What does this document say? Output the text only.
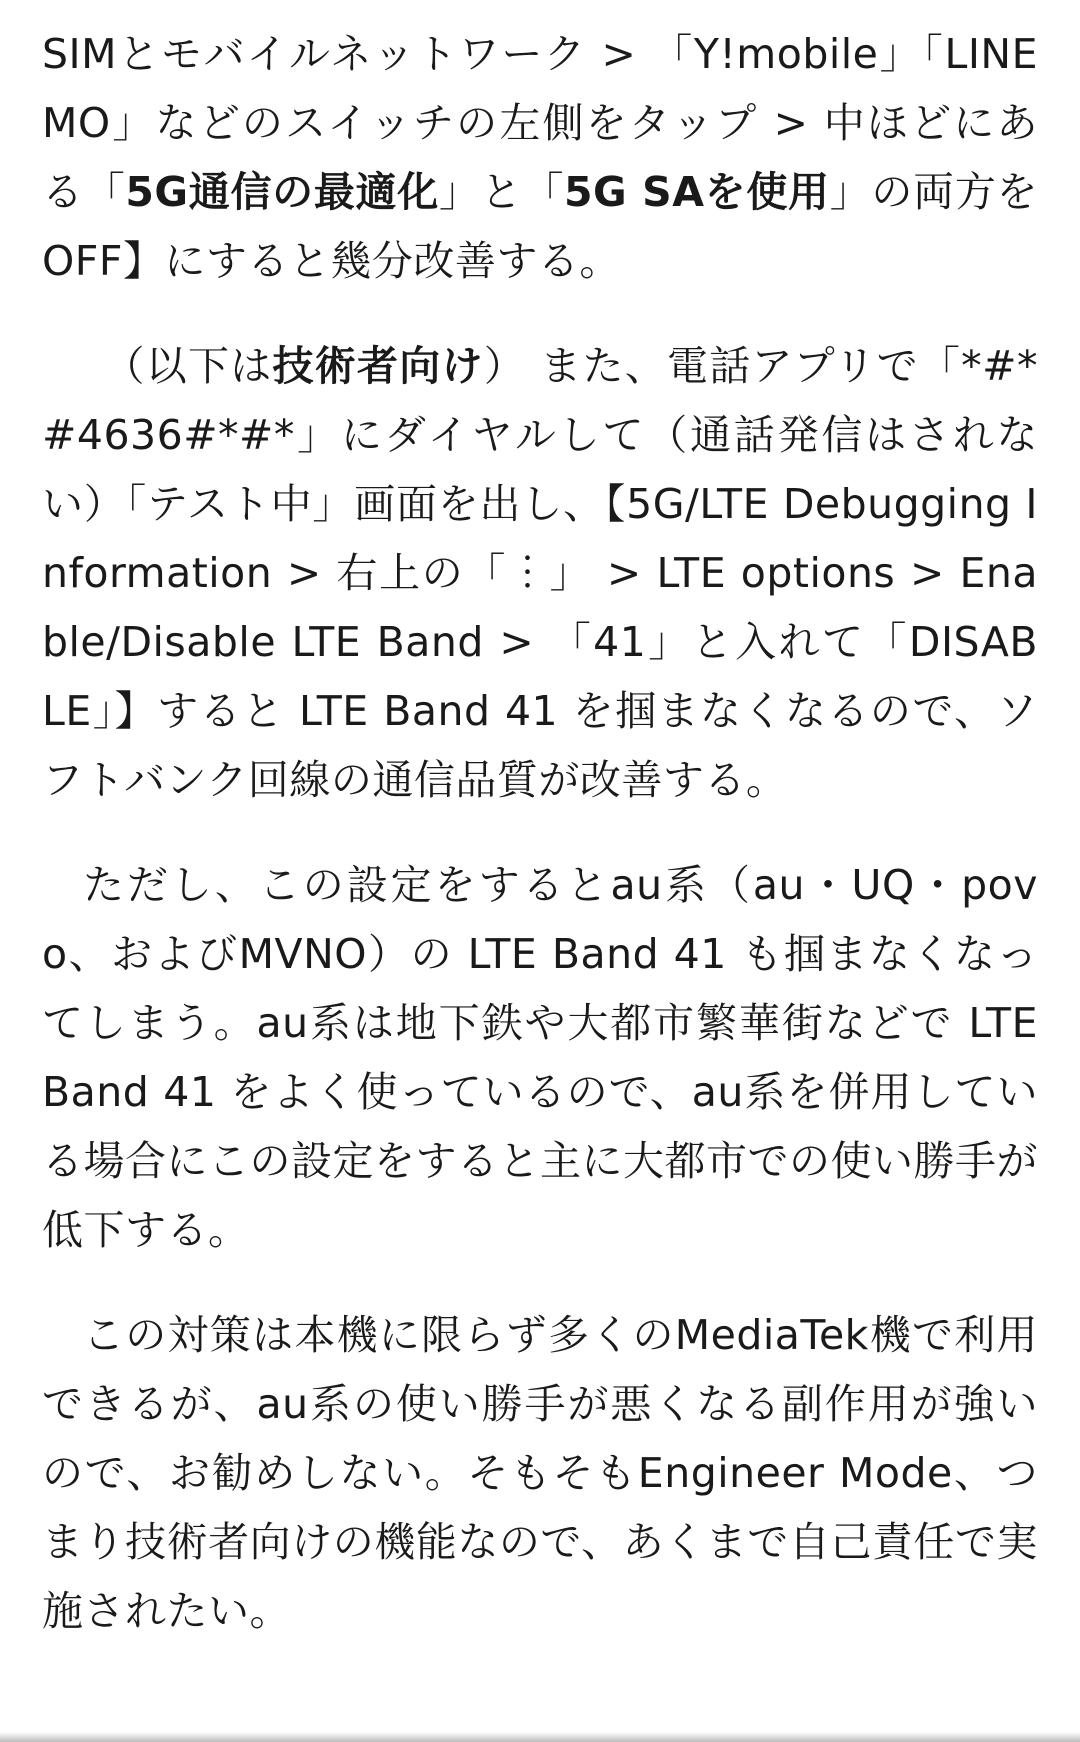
SIMとモバイルネットワーク > 「Y!mobile」「LINEMO」などのスイッチの左側をタップ > 中ほどにある「5G通信の最適化」と「5G SAを使用」の両方をOFF】にすると幾分改善する。

（以下は技術者向け） また、電話アプリで「*#*#4636#*#*」にダイヤルして（通話発信はされない）「テスト中」画面を出し、【5G/LTE Debugging Information > 右上の「︙」 > LTE options > Enable/Disable LTE Band > 「41」と入れて「DISABLE」】すると LTE Band 41 を掴まなくなるので、ソフトバンク回線の通信品質が改善する。

ただし、この設定をするとau系（au・UQ・povo、およびMVNO）の LTE Band 41 も掴まなくなってしまう。au系は地下鉄や大都市繁華街などで LTE Band 41 をよく使っているので、au系を併用している場合にこの設定をすると主に大都市での使い勝手が低下する。

この対策は本機に限らず多くのMediaTek機で利用できるが、au系の使い勝手が悪くなる副作用が強いので、お勧めしない。そもそもEngineer Mode、つまり技術者向けの機能なので、あくまで自己責任で実施されたい。
